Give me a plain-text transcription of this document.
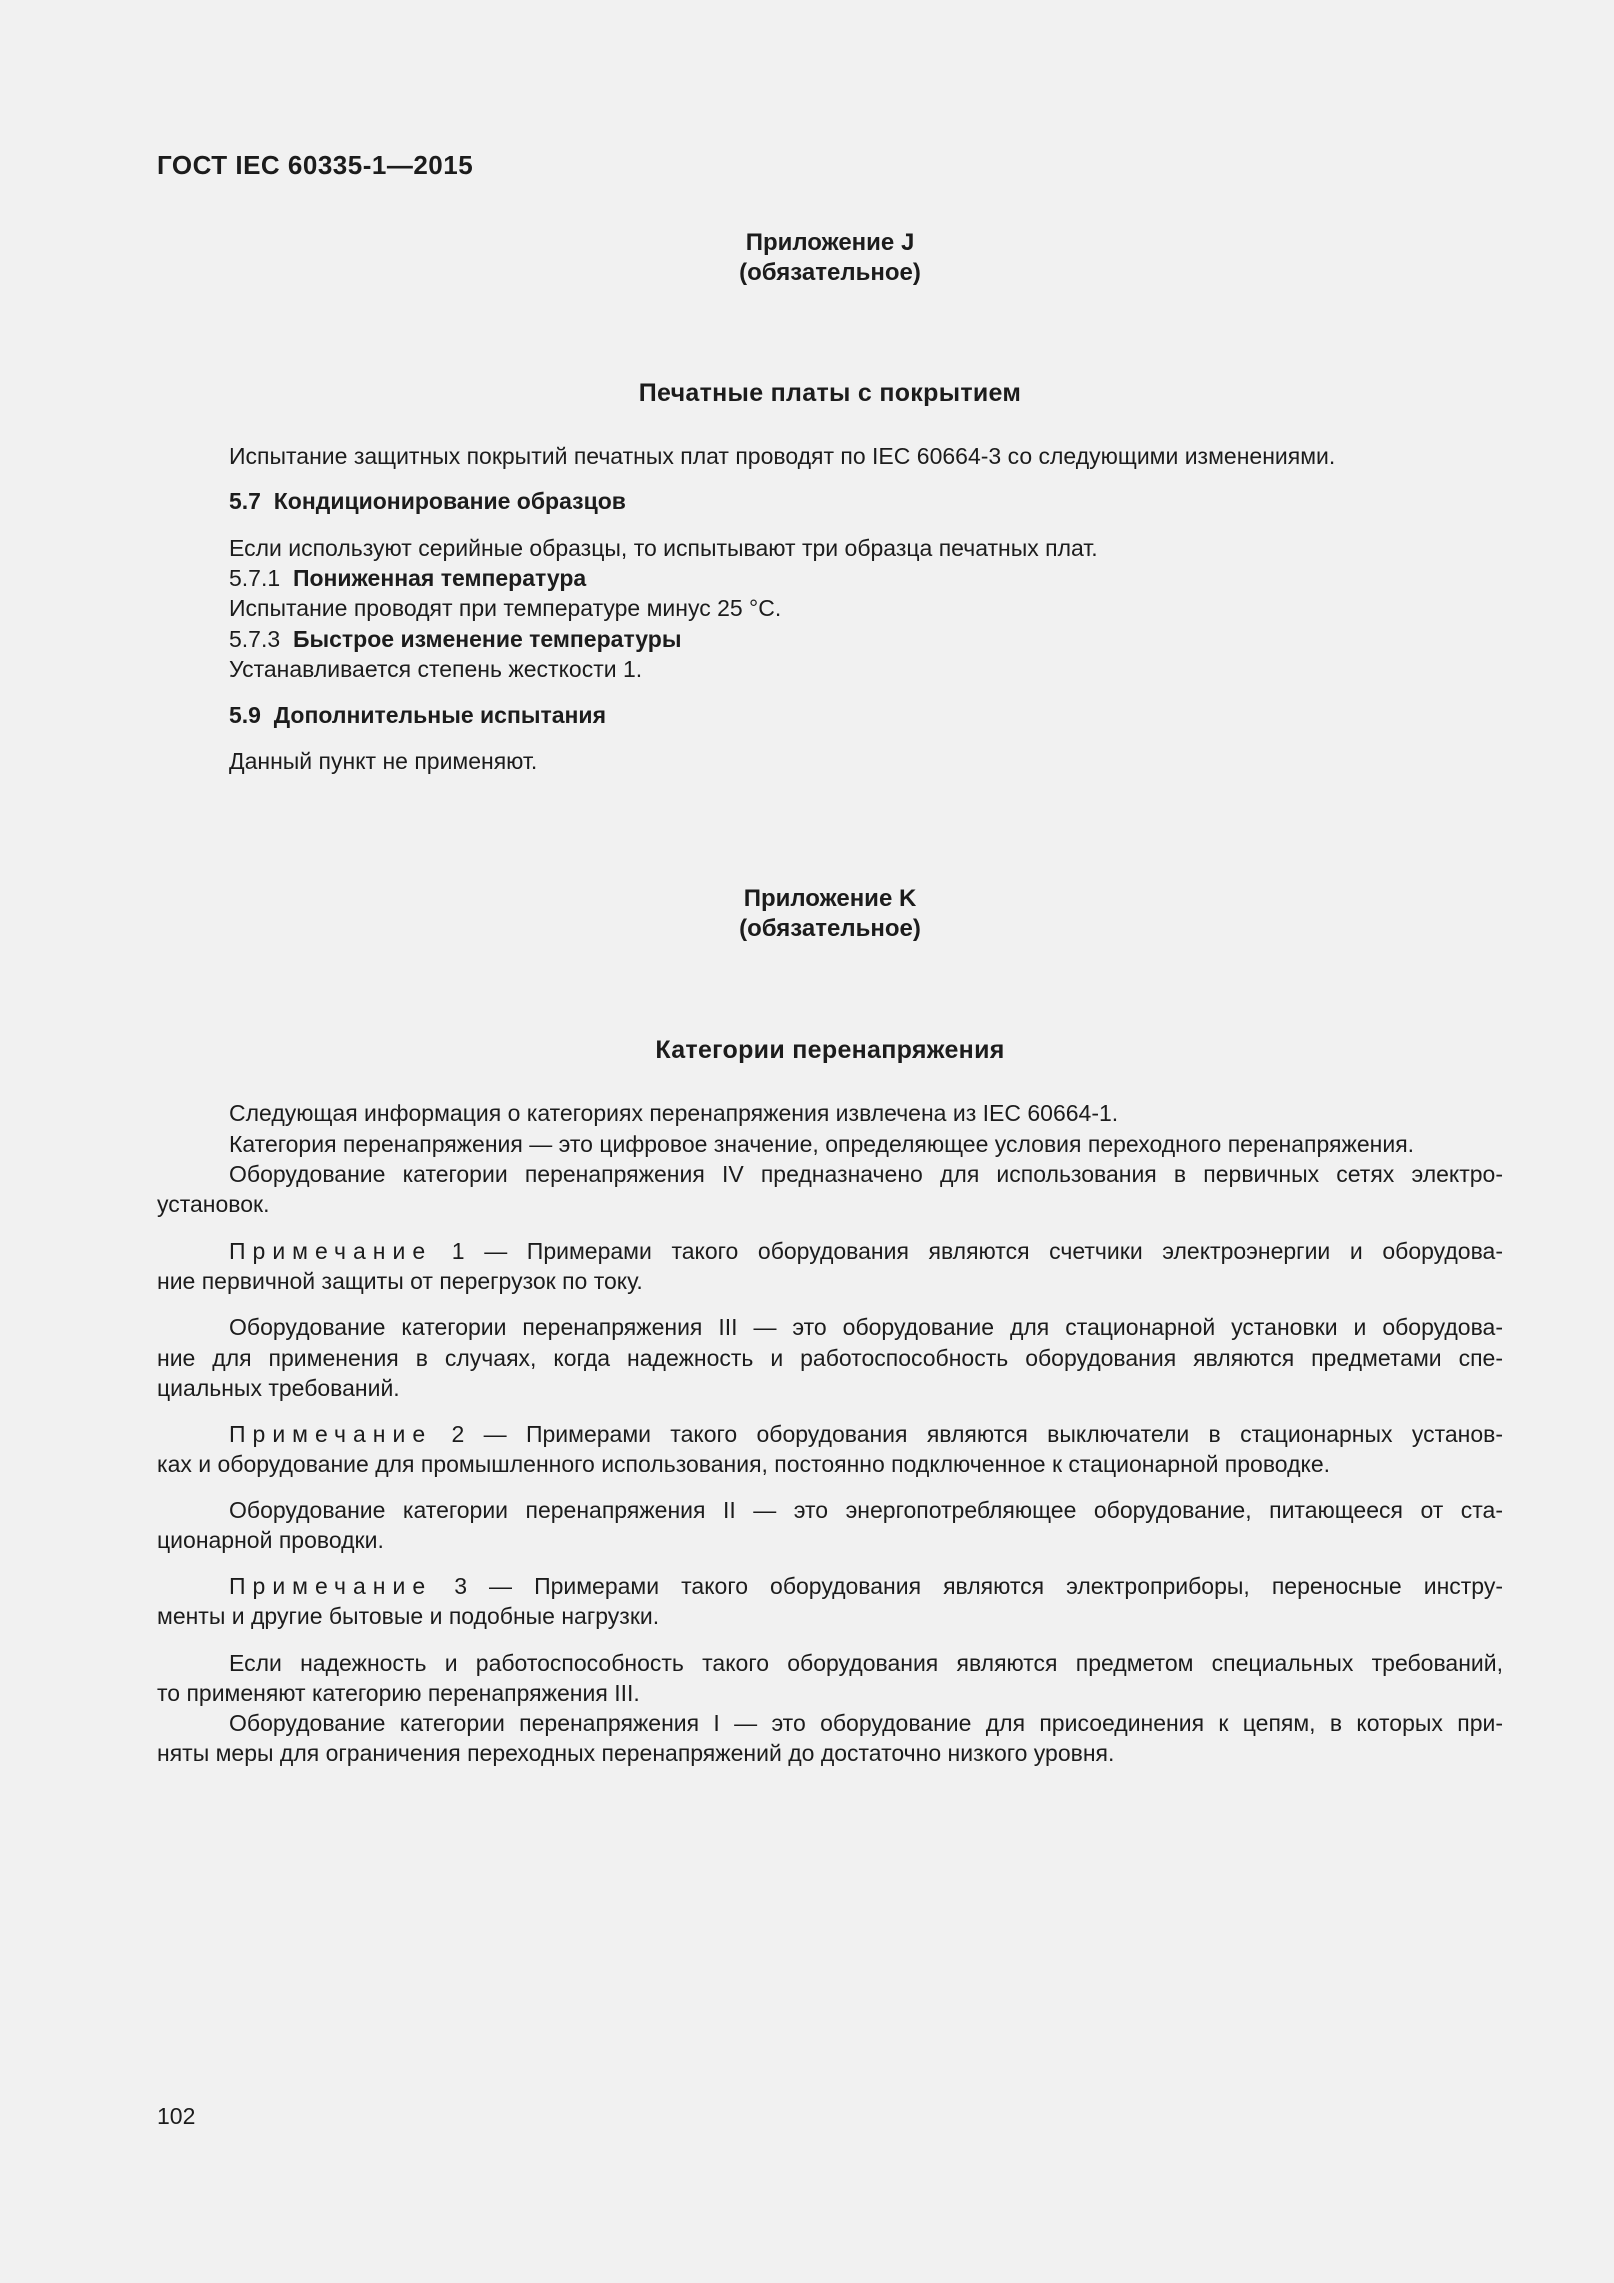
ГОСТ IEC 60335-1—2015
Приложение J
(обязательное)
Печатные платы с покрытием
Испытание защитных покрытий печатных плат проводят по IEC 60664-3 со следующими изменениями.
5.7 Кондиционирование образцов
Если используют серийные образцы, то испытывают три образца печатных плат.
5.7.1 Пониженная температура
Испытание проводят при температуре минус 25 °С.
5.7.3 Быстрое изменение температуры
Устанавливается степень жесткости 1.
5.9 Дополнительные испытания
Данный пункт не применяют.
Приложение K
(обязательное)
Категории перенапряжения
Следующая информация о категориях перенапряжения извлечена из IEC 60664-1.
Категория перенапряжения — это цифровое значение, определяющее условия переходного перенапряжения.
Оборудование категории перенапряжения IV предназначено для использования в первичных сетях электро-
установок.
Примечание 1 — Примерами такого оборудования являются счетчики электроэнергии и оборудова-
ние первичной защиты от перегрузок по току.
Оборудование категории перенапряжения III — это оборудование для стационарной установки и оборудова-
ние для применения в случаях, когда надежность и работоспособность оборудования являются предметами спе-
циальных требований.
Примечание 2 — Примерами такого оборудования являются выключатели в стационарных установ-
ках и оборудование для промышленного использования, постоянно подключенное к стационарной проводке.
Оборудование категории перенапряжения II — это энергопотребляющее оборудование, питающееся от ста-
ционарной проводки.
Примечание 3 — Примерами такого оборудования являются электроприборы, переносные инстру-
менты и другие бытовые и подобные нагрузки.
Если надежность и работоспособность такого оборудования являются предметом специальных требований,
то применяют категорию перенапряжения III.
Оборудование категории перенапряжения I — это оборудование для присоединения к цепям, в которых при-
няты меры для ограничения переходных перенапряжений до достаточно низкого уровня.
102
